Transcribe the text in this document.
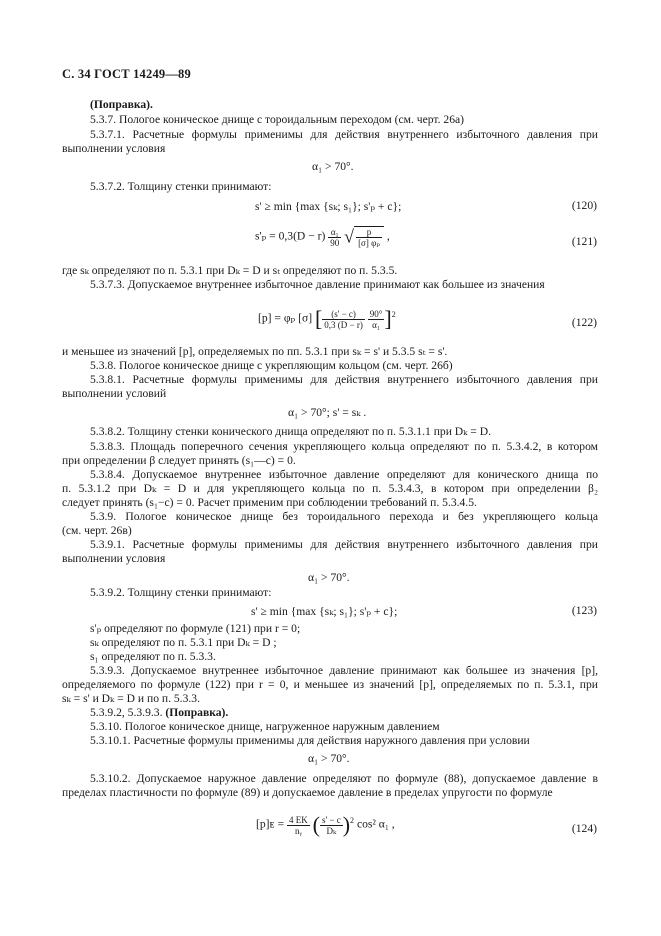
С. 34 ГОСТ 14249—89
(Поправка).
5.3.7. Пологое коническое днище с тороидальным переходом (см. черт. 26а)
5.3.7.1. Расчетные формулы применимы для действия внутреннего избыточного давления при
выполнении условия
α₁ > 70°.
5.3.7.2. Толщину стенки принимают:
s' ≥ min {max {sₖ; s₁}; s'ₚ + c};	(120)
$s'_p = 0,3(D - r) \frac{\text{α₁}}{90}$ √ $\frac{p}{\text{[σ] φₚ}}$ ,	(121)
где sₖ определяют по п. 5.3.1 при Dₖ = D и sₜ определяют по п. 5.3.5.
5.3.7.3. Допускаемое внутреннее избыточное давление принимают как большее из значения
[p] = φₚ [σ] [ $\frac{(s' - c)}{0,3 (D - r)}$
$\frac{90^\circ}{\text{α₁}} ]^2$
(122)
и меньшее из значений [p], определяемых по пп. 5.3.1 при sₖ = s' и 5.3.5 sₜ = s'.
5.3.8. Пологое коническое днище с укрепляющим кольцом (см. черт. 26б)
5.3.8.1. Расчетные формулы применимы для действия внутреннего избыточного давления при
выполнении условий
α₁ > 70°; s' = sₖ .
5.3.8.2. Толщину стенки конического днища определяют по п. 5.3.1.1 при Dₖ = D.
5.3.8.3. Площадь поперечного сечения укрепляющего кольца определяют по п. 5.3.4.2, в котором
при определении β следует принять (s₁—c) = 0.
5.3.8.4. Допускаемое внутреннее избыточное давление определяют для конического днища по
п. 5.3.1.2 при Dₖ = D и для укрепляющего кольца по п. 5.3.4.3, в котором при определении β₂
следует принять (s₁−c) = 0. Расчет применим при соблюдении требований п. 5.3.4.5.
5.3.9. Пологое коническое днище без тороидального перехода и без укрепляющего кольца
(см. черт. 26в)
5.3.9.1. Расчетные формулы применимы для действия внутреннего избыточного давления при
выполнении условия
α₁ > 70°.
5.3.9.2. Толщину стенки принимают:
s' ≥ min {max {sₖ; s₁}; s'ₚ + c};	(123)
s'ₚ определяют по формуле (121) при r = 0;
sₖ определяют по п. 5.3.1 при Dₖ = D ;
s₁ определяют по п. 5.3.3.
5.3.9.3. Допускаемое внутреннее избыточное давление принимают как большее из значения [p],
определяемого по формуле (122) при r = 0, и меньшее из значений [p], определяемых по п. 5.3.1, при
sₖ = s' и Dₖ = D и по п. 5.3.3.
5.3.9.2, 5.3.9.3. (Поправка).
5.3.10. Пологое коническое днище, нагруженное наружным давлением
5.3.10.1. Расчетные формулы применимы для действия наружного давления при условии
α₁ > 70°.
5.3.10.2. Допускаемое наружное давление определяют по формуле (88), допускаемое давление в
пределах пластичности по формуле (89) и допускаемое давление в пределах упругости по формуле
[p]ᴇ = $\frac{4 EK}{\text{nᵧ}}$ ( $\frac{s' - c}{\text{Dₖ}} )^2$ cos² α₁ ,	(124)
